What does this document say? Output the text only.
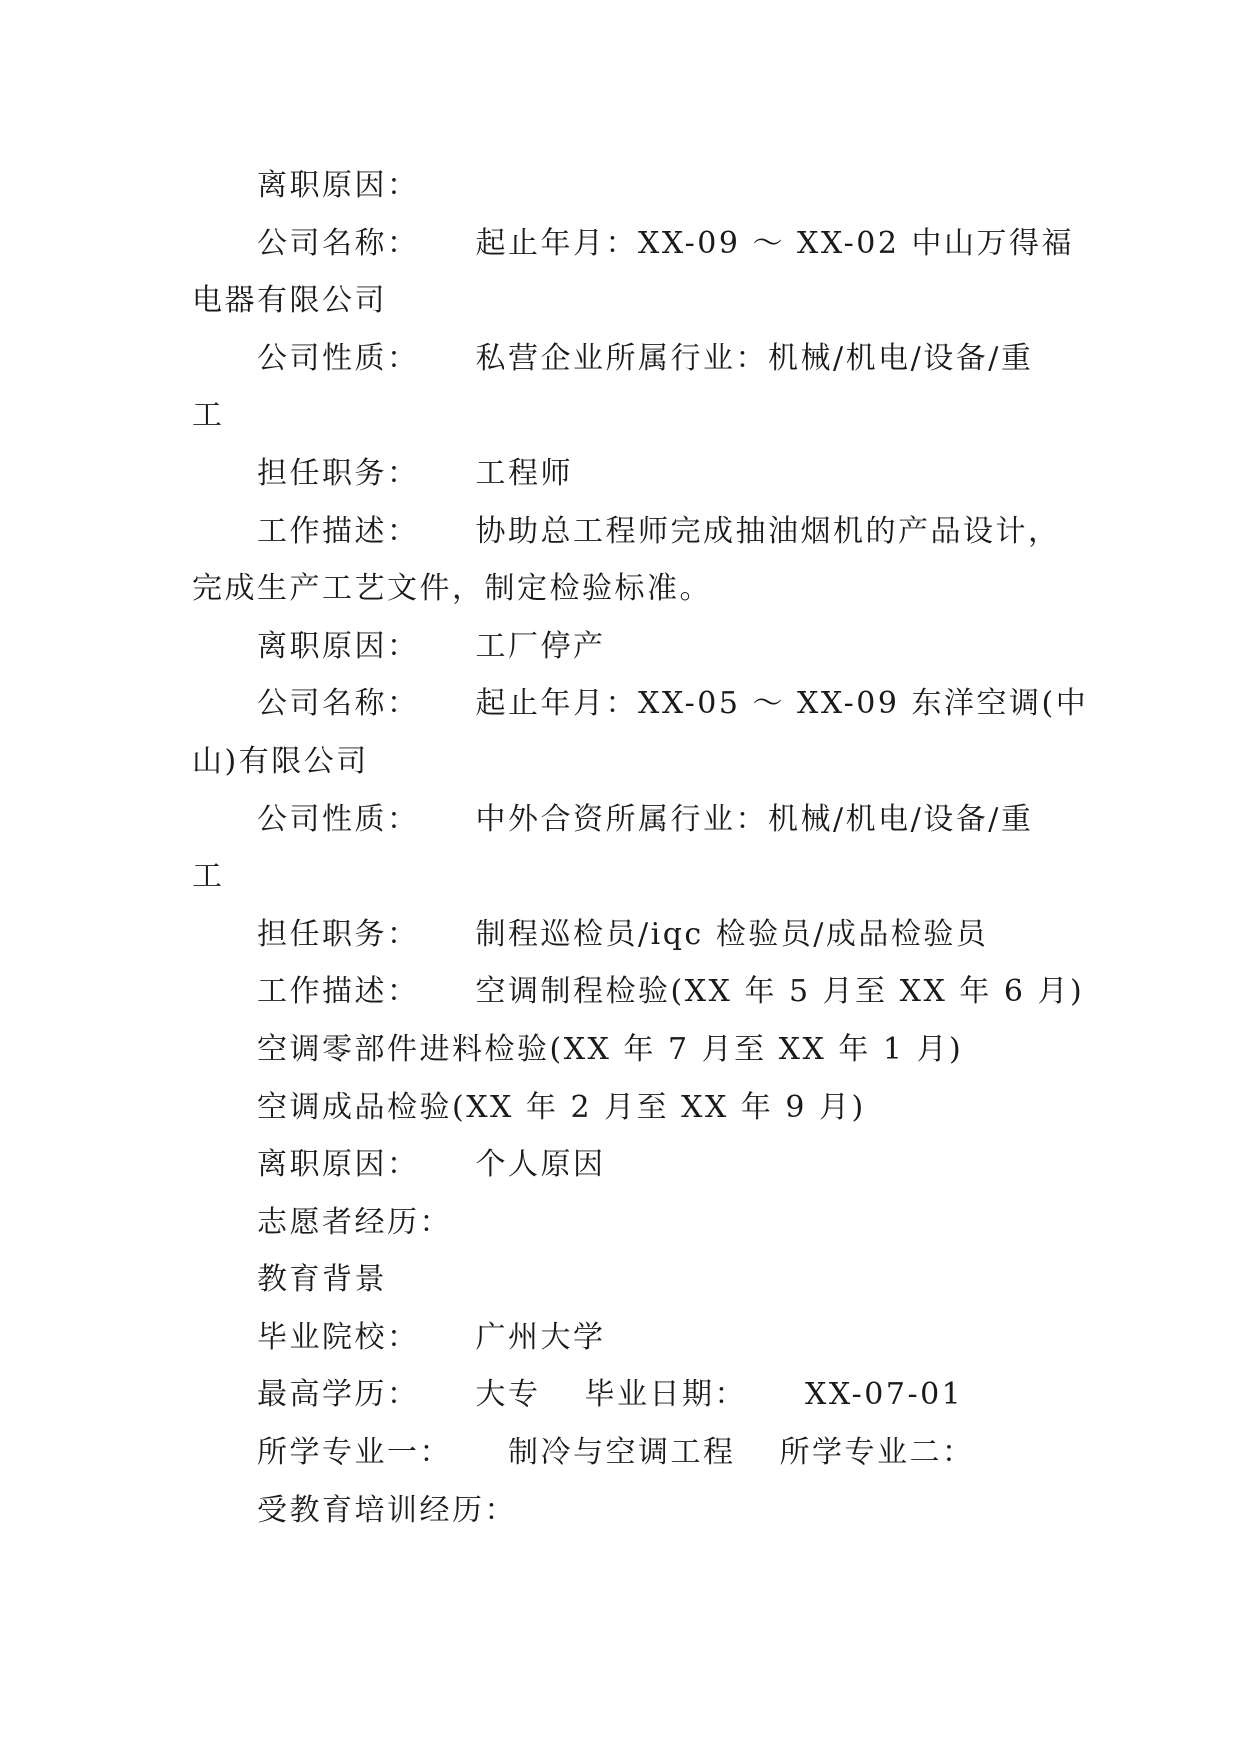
离职原因：

公司名称： 起止年月：XX-09 ～ XX-02 中山万得福

电器有限公司

公司性质： 私营企业所属行业：机械/机电/设备/重

工

担任职务： 工程师

工作描述： 协助总工程师完成抽油烟机的产品设计，

完成生产工艺文件，制定检验标准。

离职原因： 工厂停产

公司名称： 起止年月：XX-05 ～ XX-09 东洋空调(中

山)有限公司

公司性质： 中外合资所属行业：机械/机电/设备/重

工

担任职务： 制程巡检员/iqc 检验员/成品检验员

工作描述： 空调制程检验(XX 年 5 月至 XX 年 6 月)

空调零部件进料检验(XX 年 7 月至 XX 年 1 月)

空调成品检验(XX 年 2 月至 XX 年 9 月)

离职原因： 个人原因

志愿者经历：

教育背景

毕业院校： 广州大学

最高学历： 大专 毕业日期： XX-07-01

所学专业一： 制冷与空调工程 所学专业二：

受教育培训经历：
